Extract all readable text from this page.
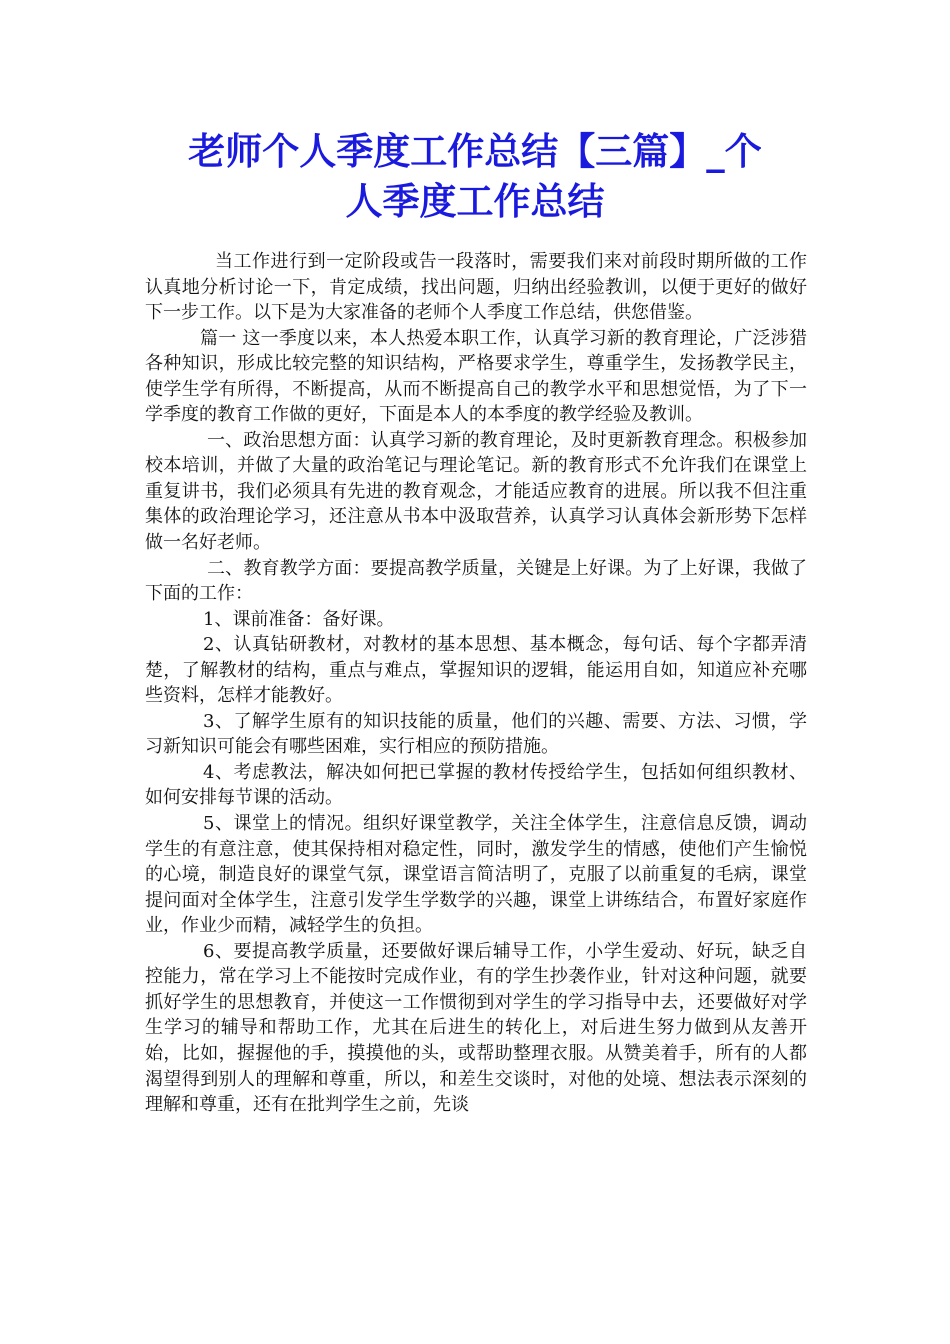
老师个人季度工作总结【三篇】_个
人季度工作总结

当工作进行到一定阶段或告一段落时，需要我们来对前段时期所做的工作认真地分析讨论一下，肯定成绩，找出问题，归纳出经验教训，以便于更好的做好下一步工作。以下是为大家准备的老师个人季度工作总结，供您借鉴。

篇一 这一季度以来，本人热爱本职工作，认真学习新的教育理论，广泛涉猎各种知识，形成比较完整的知识结构，严格要求学生，尊重学生，发扬教学民主，使学生学有所得，不断提高，从而不断提高自己的教学水平和思想觉悟，为了下一学季度的教育工作做的更好，下面是本人的本季度的教学经验及教训。

一、政治思想方面：认真学习新的教育理论，及时更新教育理念。积极参加校本培训，并做了大量的政治笔记与理论笔记。新的教育形式不允许我们在课堂上重复讲书，我们必须具有先进的教育观念，才能适应教育的进展。所以我不但注重集体的政治理论学习，还注意从书本中汲取营养，认真学习认真体会新形势下怎样做一名好老师。

二、教育教学方面：要提高教学质量，关键是上好课。为了上好课，我做了下面的工作：

1、课前准备：备好课。

2、认真钻研教材，对教材的基本思想、基本概念，每句话、每个字都弄清楚，了解教材的结构，重点与难点，掌握知识的逻辑，能运用自如，知道应补充哪些资料，怎样才能教好。

3、了解学生原有的知识技能的质量，他们的兴趣、需要、方法、习惯，学习新知识可能会有哪些困难，实行相应的预防措施。

4、考虑教法，解决如何把已掌握的教材传授给学生，包括如何组织教材、如何安排每节课的活动。

5、课堂上的情况。组织好课堂教学，关注全体学生，注意信息反馈，调动学生的有意注意，使其保持相对稳定性，同时，激发学生的情感，使他们产生愉悦的心境，制造良好的课堂气氛，课堂语言简洁明了，克服了以前重复的毛病，课堂提问面对全体学生，注意引发学生学数学的兴趣，课堂上讲练结合，布置好家庭作业，作业少而精，减轻学生的负担。

6、要提高教学质量，还要做好课后辅导工作，小学生爱动、好玩，缺乏自控能力，常在学习上不能按时完成作业，有的学生抄袭作业，针对这种问题，就要抓好学生的思想教育，并使这一工作惯彻到对学生的学习指导中去，还要做好对学生学习的辅导和帮助工作，尤其在后进生的转化上，对后进生努力做到从友善开始，比如，握握他的手，摸摸他的头，或帮助整理衣服。从赞美着手，所有的人都渴望得到别人的理解和尊重，所以，和差生交谈时，对他的处境、想法表示深刻的理解和尊重，还有在批判学生之前，先谈
